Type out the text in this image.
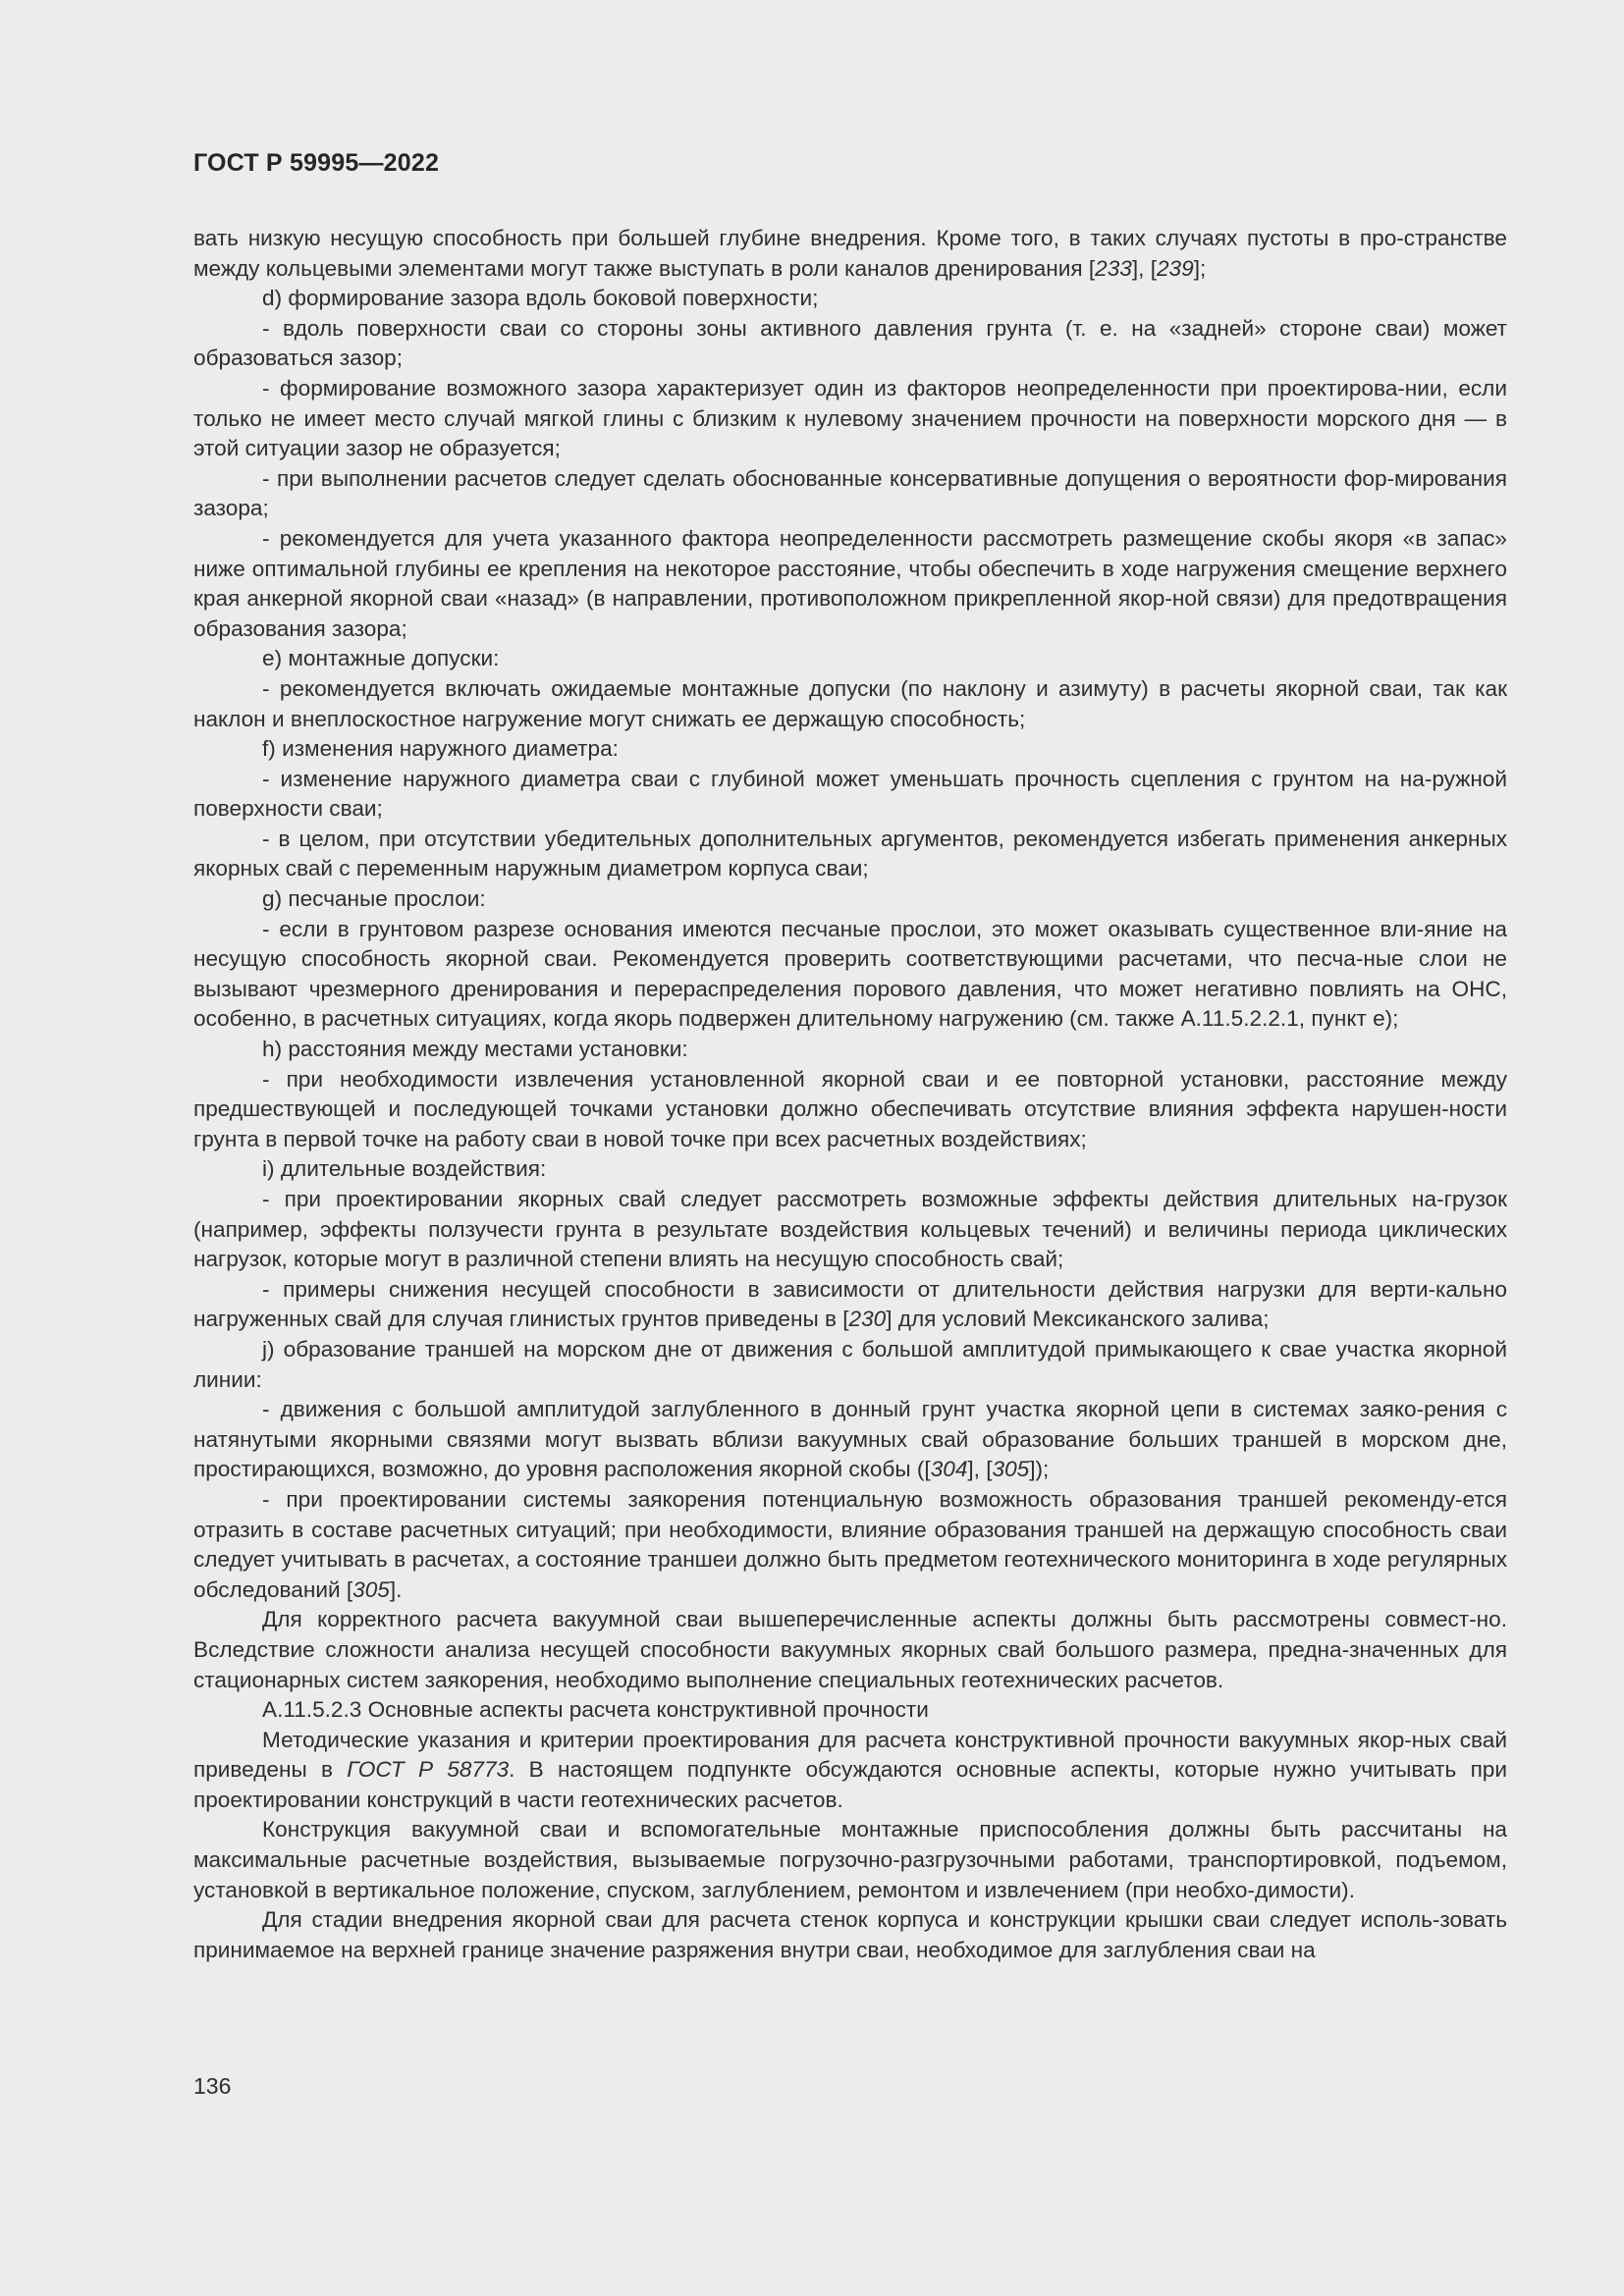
ГОСТ Р 59995—2022

вать низкую несущую способность при большей глубине внедрения. Кроме того, в таких случаях пустоты в про-странстве между кольцевыми элементами могут также выступать в роли каналов дренирования [233], [239];

d) формирование зазора вдоль боковой поверхности;

- вдоль поверхности сваи со стороны зоны активного давления грунта (т. е. на «задней» стороне сваи) может образоваться зазор;

- формирование возможного зазора характеризует один из факторов неопределенности при проектирова-нии, если только не имеет место случай мягкой глины с близким к нулевому значением прочности на поверхности морского дня — в этой ситуации зазор не образуется;

- при выполнении расчетов следует сделать обоснованные консервативные допущения о вероятности фор-мирования зазора;

- рекомендуется для учета указанного фактора неопределенности рассмотреть размещение скобы якоря «в запас» ниже оптимальной глубины ее крепления на некоторое расстояние, чтобы обеспечить в ходе нагружения смещение верхнего края анкерной якорной сваи «назад» (в направлении, противоположном прикрепленной якор-ной связи) для предотвращения образования зазора;

e) монтажные допуски:

- рекомендуется включать ожидаемые монтажные допуски (по наклону и азимуту) в расчеты якорной сваи, так как наклон и внеплоскостное нагружение могут снижать ее держащую способность;

f) изменения наружного диаметра:

- изменение наружного диаметра сваи с глубиной может уменьшать прочность сцепления с грунтом на на-ружной поверхности сваи;

- в целом, при отсутствии убедительных дополнительных аргументов, рекомендуется избегать применения анкерных якорных свай с переменным наружным диаметром корпуса сваи;

g) песчаные прослои:

- если в грунтовом разрезе основания имеются песчаные прослои, это может оказывать существенное вли-яние на несущую способность якорной сваи. Рекомендуется проверить соответствующими расчетами, что песча-ные слои не вызывают чрезмерного дренирования и перераспределения порового давления, что может негативно повлиять на ОНС, особенно, в расчетных ситуациях, когда якорь подвержен длительному нагружению (см. также А.11.5.2.2.1, пункт e);

h) расстояния между местами установки:

- при необходимости извлечения установленной якорной сваи и ее повторной установки, расстояние между предшествующей и последующей точками установки должно обеспечивать отсутствие влияния эффекта нарушен-ности грунта в первой точке на работу сваи в новой точке при всех расчетных воздействиях;

i) длительные воздействия:

- при проектировании якорных свай следует рассмотреть возможные эффекты действия длительных на-грузок (например, эффекты ползучести грунта в результате воздействия кольцевых течений) и величины периода циклических нагрузок, которые могут в различной степени влиять на несущую способность свай;

- примеры снижения несущей способности в зависимости от длительности действия нагрузки для верти-кально нагруженных свай для случая глинистых грунтов приведены в [230] для условий Мексиканского залива;

j) образование траншей на морском дне от движения с большой амплитудой примыкающего к свае участка якорной линии:

- движения с большой амплитудой заглубленного в донный грунт участка якорной цепи в системах заяко-рения с натянутыми якорными связями могут вызвать вблизи вакуумных свай образование больших траншей в морском дне, простирающихся, возможно, до уровня расположения якорной скобы ([304], [305]);

- при проектировании системы заякорения потенциальную возможность образования траншей рекоменду-ется отразить в составе расчетных ситуаций; при необходимости, влияние образования траншей на держащую способность сваи следует учитывать в расчетах, а состояние траншеи должно быть предметом геотехнического мониторинга в ходе регулярных обследований [305].

Для корректного расчета вакуумной сваи вышеперечисленные аспекты должны быть рассмотрены совмест-но. Вследствие сложности анализа несущей способности вакуумных якорных свай большого размера, предна-значенных для стационарных систем заякорения, необходимо выполнение специальных геотехнических расчетов.

А.11.5.2.3 Основные аспекты расчета конструктивной прочности

Методические указания и критерии проектирования для расчета конструктивной прочности вакуумных якор-ных свай приведены в ГОСТ Р 58773. В настоящем подпункте обсуждаются основные аспекты, которые нужно учитывать при проектировании конструкций в части геотехнических расчетов.

Конструкция вакуумной сваи и вспомогательные монтажные приспособления должны быть рассчитаны на максимальные расчетные воздействия, вызываемые погрузочно-разгрузочными работами, транспортировкой, подъемом, установкой в вертикальное положение, спуском, заглублением, ремонтом и извлечением (при необхо-димости).

Для стадии внедрения якорной сваи для расчета стенок корпуса и конструкции крышки сваи следует исполь-зовать принимаемое на верхней границе значение разряжения внутри сваи, необходимое для заглубления сваи на

136
